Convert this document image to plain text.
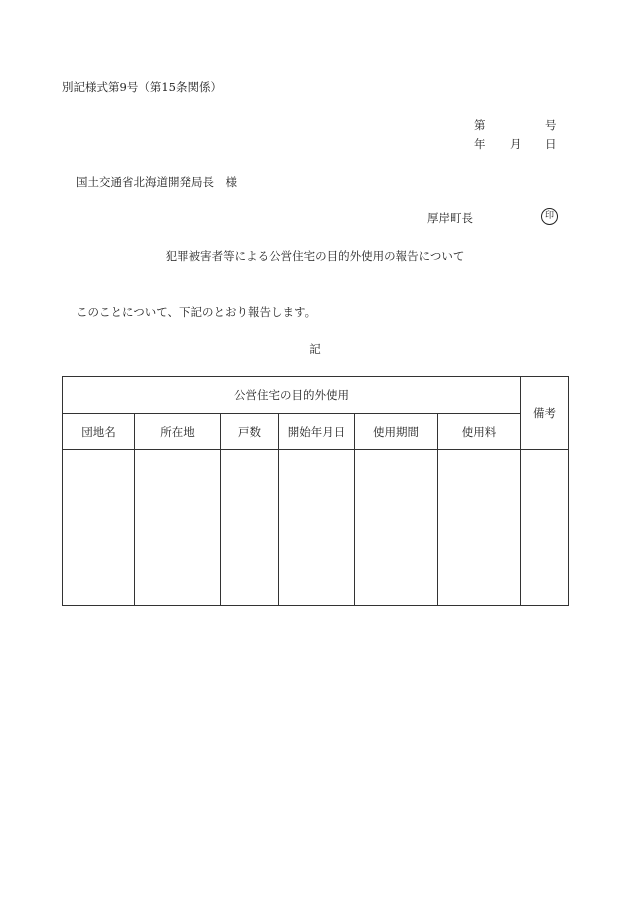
別記様式第9号（第15条関係）
第	号
年 月 日
国土交通省北海道開発局長　様
厚岸町長	印
犯罪被害者等による公営住宅の目的外使用の報告について
このことについて、下記のとおり報告します。
記
公営住宅の目的外使用						備考
団地名	所在地	戸数	開始年月日	使用期間	使用料	
